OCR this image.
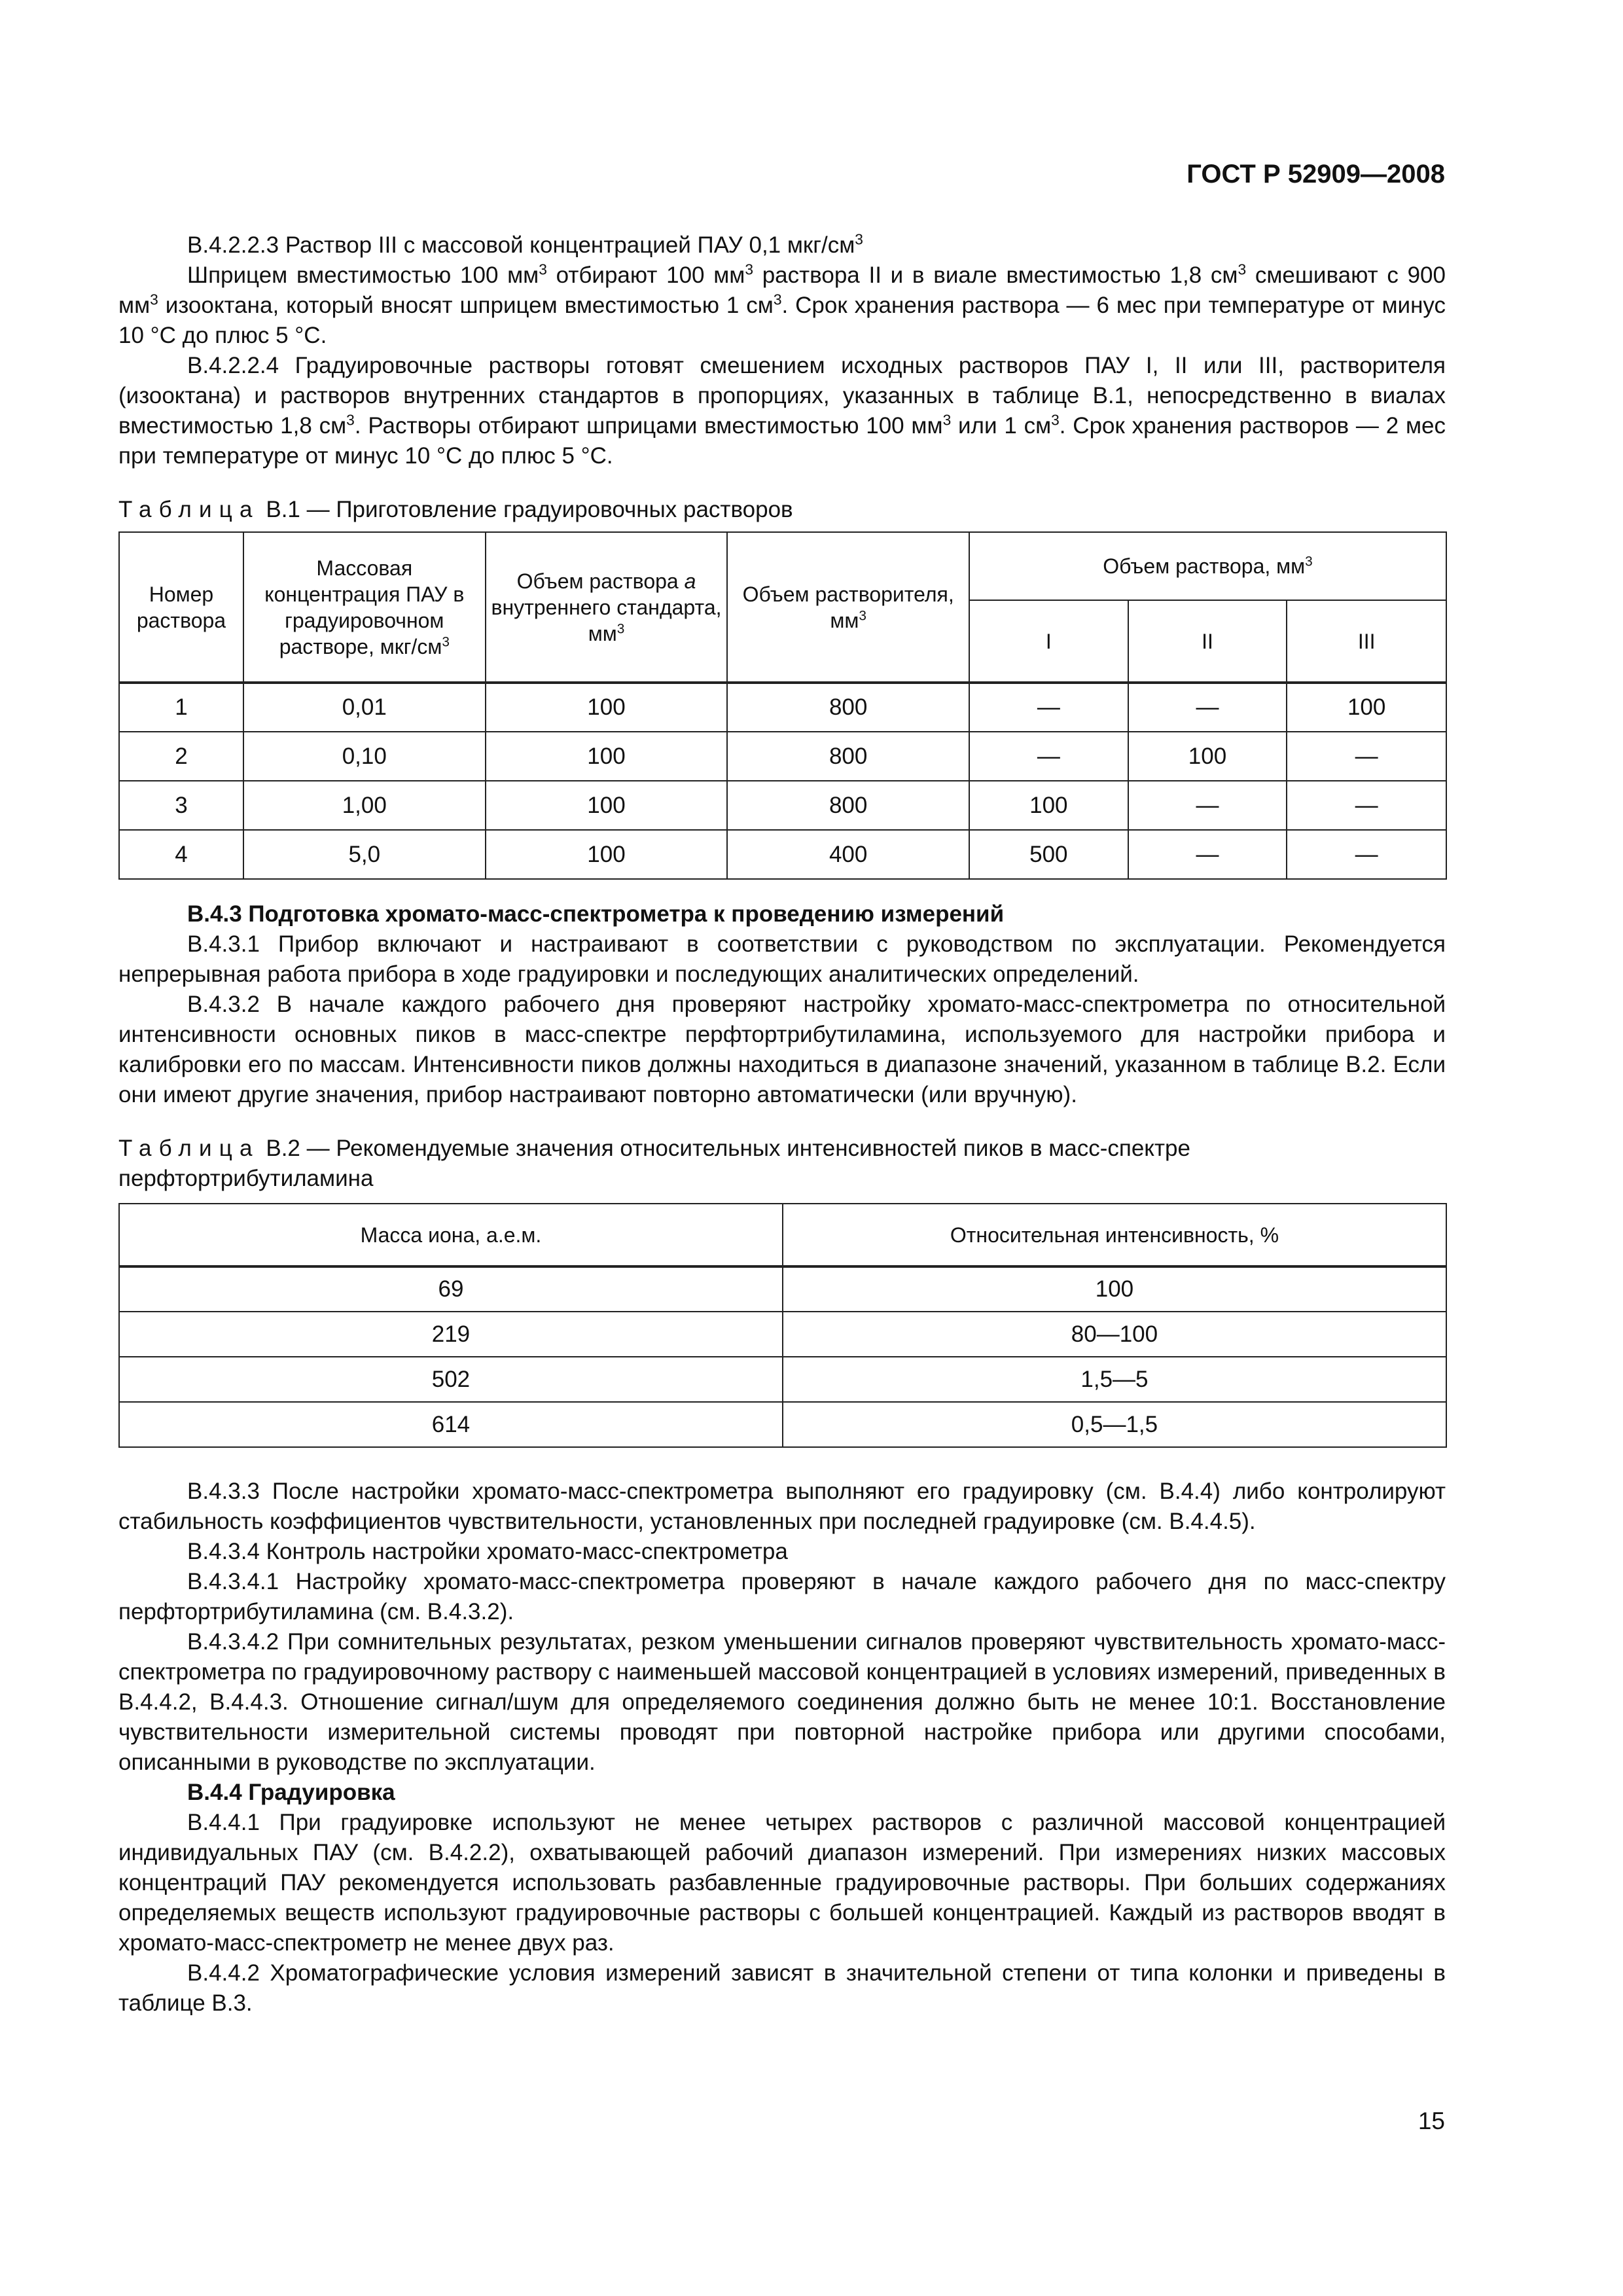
ГОСТ Р 52909—2008

B.4.2.2.3 Раствор III с массовой концентрацией ПАУ 0,1 мкг/$см^3$

Шприцем вместимостью 100 $мм^3$ отбирают 100 $мм^3$ раствора II и в виале вместимостью 1,8 $см^3$ смешивают с 900 $мм^3$ изооктана, который вносят шприцем вместимостью 1 $см^3$. Срок хранения раствора — 6 мес при температуре от минус 10 °С до плюс 5 °С.

B.4.2.2.4 Градуировочные растворы готовят смешением исходных растворов ПАУ I, II или III, растворителя (изооктана) и растворов внутренних стандартов в пропорциях, указанных в таблице B.1, непосредственно в виалах вместимостью 1,8 $см^3$. Растворы отбирают шприцами вместимостью 100 $мм^3$ или 1 $см^3$. Срок хранения растворов — 2 мес при температуре от минус 10 °С до плюс 5 °С.

Таблица B.1 — Приготовление градуировочных растворов

Номер раствора	Массовая концентрация ПАУ в градуировочном растворе, мкг/$см^3$	Объем раствора а внутреннего стандарта, $мм^3$	Объем растворителя, $мм^3$	Объем раствора, $мм^3$
				I	II	III
1	0,01	100	800	—	—	100
2	0,10	100	800	—	100	—
3	1,00	100	800	100	—	—
4	5,0	100	400	500	—	—

B.4.3 Подготовка хромато-масс-спектрометра к проведению измерений

B.4.3.1 Прибор включают и настраивают в соответствии с руководством по эксплуатации. Рекомендуется непрерывная работа прибора в ходе градуировки и последующих аналитических определений.

B.4.3.2 В начале каждого рабочего дня проверяют настройку хромато-масс-спектрометра по относительной интенсивности основных пиков в масс-спектре перфтортрибутиламина, используемого для настройки прибора и калибровки его по массам. Интенсивности пиков должны находиться в диапазоне значений, указанном в таблице B.2. Если они имеют другие значения, прибор настраивают повторно автоматически (или вручную).

Таблица B.2 — Рекомендуемые значения относительных интенсивностей пиков в масс-спектре перфтортрибутиламина

Масса иона, а.е.м.	Относительная интенсивность, %
69	100
219	80—100
502	1,5—5
614	0,5—1,5

B.4.3.3 После настройки хромато-масс-спектрометра выполняют его градуировку (см. B.4.4) либо контролируют стабильность коэффициентов чувствительности, установленных при последней градуировке (см. B.4.4.5).

B.4.3.4 Контроль настройки хромато-масс-спектрометра

B.4.3.4.1 Настройку хромато-масс-спектрометра проверяют в начале каждого рабочего дня по масс-спектру перфтортрибутиламина (см. B.4.3.2).

B.4.3.4.2 При сомнительных результатах, резком уменьшении сигналов проверяют чувствительность хромато-масс-спектрометра по градуировочному раствору с наименьшей массовой концентрацией в условиях измерений, приведенных в B.4.4.2, B.4.4.3. Отношение сигнал/шум для определяемого соединения должно быть не менее 10:1. Восстановление чувствительности измерительной системы проводят при повторной настройке прибора или другими способами, описанными в руководстве по эксплуатации.

B.4.4 Градуировка

B.4.4.1 При градуировке используют не менее четырех растворов с различной массовой концентрацией индивидуальных ПАУ (см. B.4.2.2), охватывающей рабочий диапазон измерений. При измерениях низких массовых концентраций ПАУ рекомендуется использовать разбавленные градуировочные растворы. При больших содержаниях определяемых веществ используют градуировочные растворы с большей концентрацией. Каждый из растворов вводят в хромато-масс-спектрометр не менее двух раз.

B.4.4.2 Хроматографические условия измерений зависят в значительной степени от типа колонки и приведены в таблице B.3.

15
